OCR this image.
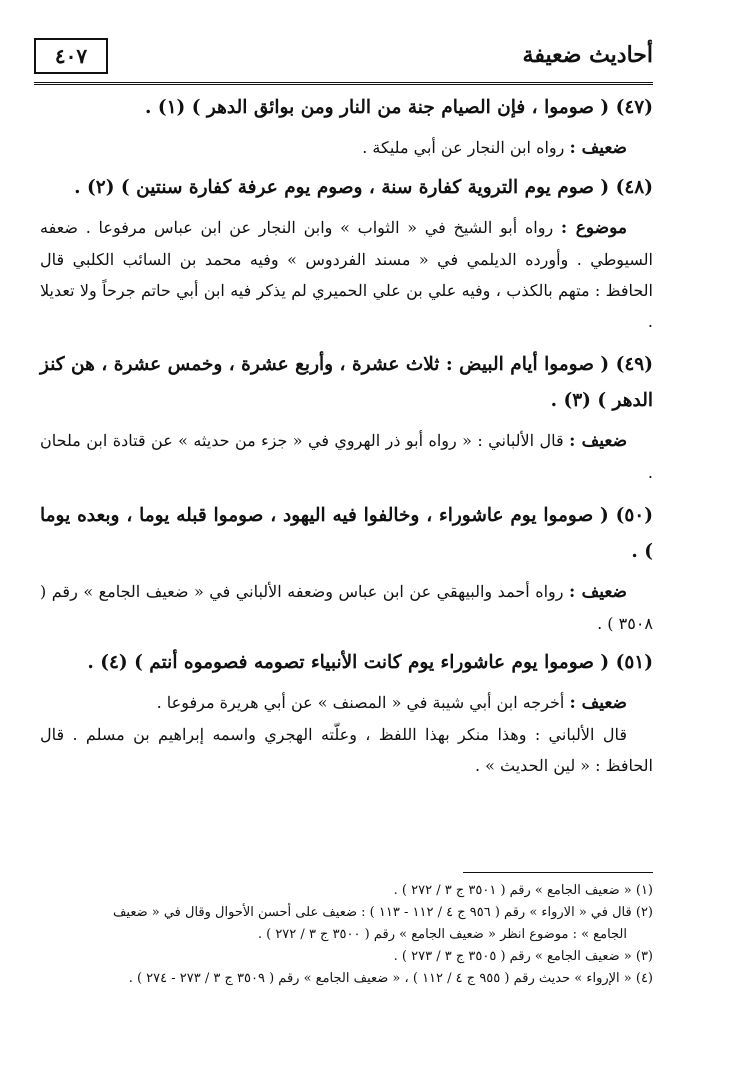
أحاديث ضعيفة
٤٠٧

(٤٧) ( صوموا ، فإن الصيام جنة من النار ومن بوائق الدهر ) (١) .

ضعيف : رواه ابن النجار عن أبي مليكة .

(٤٨) ( صوم يوم التروية كفارة سنة ، وصوم يوم عرفة كفارة سنتين ) (٢) .

موضوع : رواه أبو الشيخ في « الثواب » وابن النجار عن ابن عباس مرفوعا . ضعفه السيوطي . وأورده الديلمي في « مسند الفردوس » وفيه محمد بن السائب الكلبي قال الحافظ : متهم بالكذب ، وفيه علي بن علي الحميري لم يذكر فيه ابن أبي حاتم جرحاً ولا تعديلا .

(٤٩) ( صوموا أيام البيض : ثلاث عشرة ، وأربع عشرة ، وخمس عشرة ، هن كنز الدهر ) (٣) .

ضعيف : قال الألباني : « رواه أبو ذر الهروي في « جزء من حديثه » عن قتادة ابن ملحان .

(٥٠) ( صوموا يوم عاشوراء ، وخالفوا فيه اليهود ، صوموا قبله يوما ، وبعده يوما ) .

ضعيف : رواه أحمد والبيهقي عن ابن عباس وضعفه الألباني في « ضعيف الجامع » رقم ( ٣٥٠٨ ) .

(٥١) ( صوموا يوم عاشوراء يوم كانت الأنبياء تصومه فصوموه أنتم ) (٤) .

ضعيف : أخرجه ابن أبي شيبة في « المصنف » عن أبي هريرة مرفوعا .

قال الألباني : وهذا منكر بهذا اللفظ ، وعلّته الهجري واسمه إبراهيم بن مسلم . قال الحافظ : « لين الحديث » .

(١) « ضعيف الجامع » رقم ( ٣٥٠١ ج ٣ / ٢٧٢ ) .

(٢) قال في « الارواء » رقم ( ٩٥٦ ج ٤ / ١١٢ - ١١٣ ) : ضعيف على أحسن الأحوال وقال في « ضعيف

الجامع » : موضوع انظر « ضعيف الجامع » رقم ( ٣٥٠٠ ج ٣ / ٢٧٢ ) .

(٣) « ضعيف الجامع » رقم ( ٣٥٠٥ ج ٣ / ٢٧٣ ) .

(٤) « الإرواء » حديث رقم ( ٩٥٥ ج ٤ / ١١٢ ) ، « ضعيف الجامع » رقم ( ٣٥٠٩ ج ٣ / ٢٧٣ - ٢٧٤ ) .
